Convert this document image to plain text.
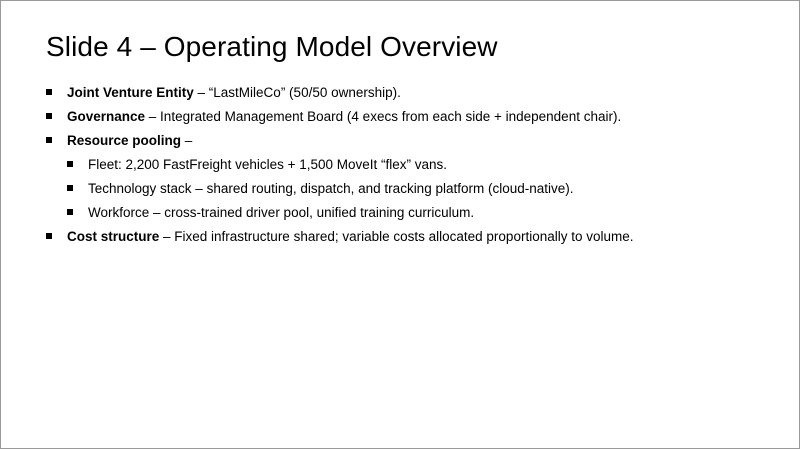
Slide 4 – Operating Model Overview
Joint Venture Entity – “LastMileCo” (50/50 ownership).
Governance – Integrated Management Board (4 execs from each side + independent chair).
Resource pooling –
Fleet: 2,200 FastFreight vehicles + 1,500 MoveIt “flex” vans.
Technology stack – shared routing, dispatch, and tracking platform (cloud-native).
Workforce – cross-trained driver pool, unified training curriculum.
Cost structure – Fixed infrastructure shared; variable costs allocated proportionally to volume.
